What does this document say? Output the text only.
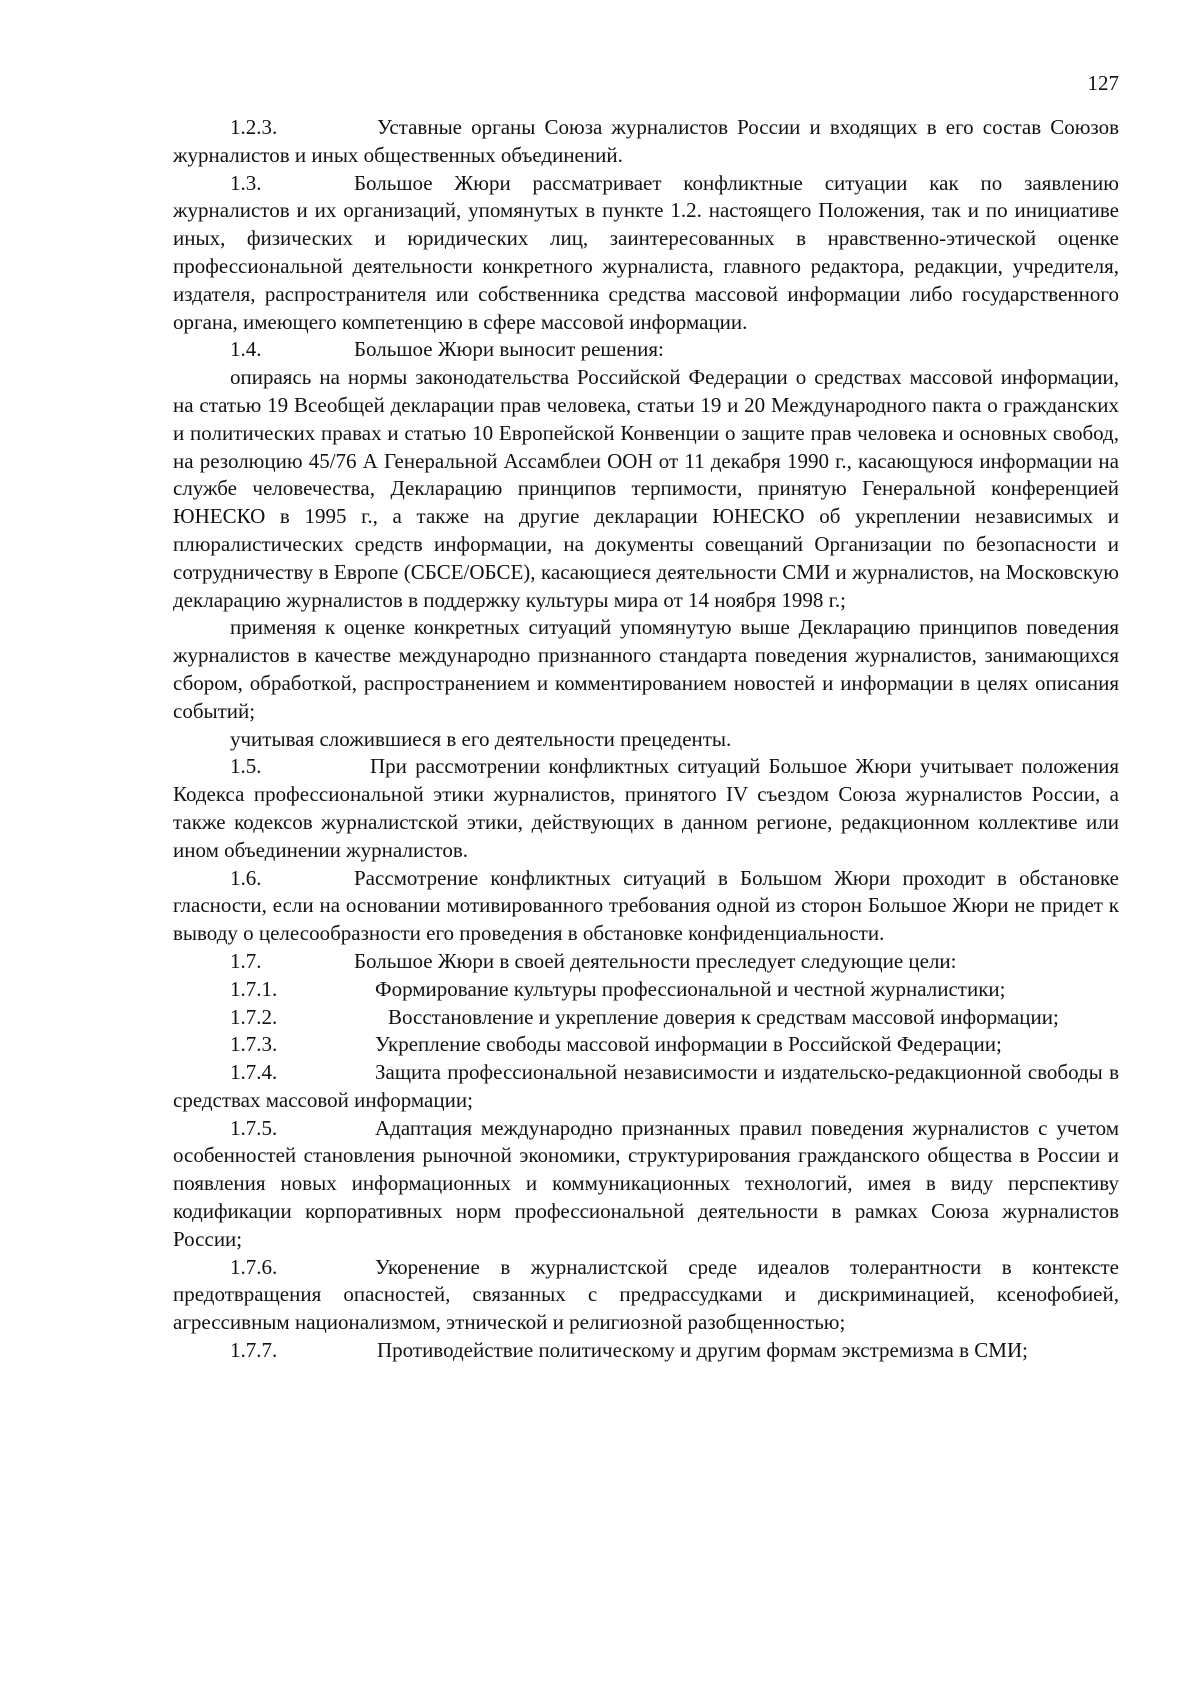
127

1.2.3.	Уставные органы Союза журналистов России и входящих в его состав Союзов журналистов и иных общественных объединений.

1.3.	Большое Жюри рассматривает конфликтные ситуации как по заявлению журналистов и их организаций, упомянутых в пункте 1.2. настоящего Положения, так и по инициативе иных, физических и юридических лиц, заинтересованных в нравственно-этической оценке профессиональной деятельности конкретного журналиста, главного редактора, редакции, учредителя, издателя, распространителя или собственника средства массовой информации либо государственного органа, имеющего компетенцию в сфере массовой информации.

1.4.	Большое Жюри выносит решения:

опираясь на нормы законодательства Российской Федерации о средствах массовой информации, на статью 19 Всеобщей декларации прав человека, статьи 19 и 20 Международного пакта о гражданских и политических правах и статью 10 Европейской Конвенции о защите прав человека и основных свобод, на резолюцию 45/76 А Генеральной Ассамблеи ООН от 11 декабря 1990 г., касающуюся информации на службе человечества, Декларацию принципов терпимости, принятую Генеральной конференцией ЮНЕСКО в 1995 г., а также на другие декларации ЮНЕСКО об укреплении независимых и плюралистических средств информации, на документы совещаний Организации по безопасности и сотрудничеству в Европе (СБСЕ/ОБСЕ), касающиеся деятельности СМИ и журналистов, на Московскую декларацию журналистов в поддержку культуры мира от 14 ноября 1998 г.;

применяя к оценке конкретных ситуаций упомянутую выше Декларацию принципов поведения журналистов в качестве международно признанного стандарта поведения журналистов, занимающихся сбором, обработкой, распространением и комментированием новостей и информации в целях описания событий;

учитывая сложившиеся в его деятельности прецеденты.

1.5.	При рассмотрении конфликтных ситуаций Большое Жюри учитывает положения Кодекса профессиональной этики журналистов, принятого IV съездом Союза журналистов России, а также кодексов журналистской этики, действующих в данном регионе, редакционном коллективе или ином объединении журналистов.

1.6.	Рассмотрение конфликтных ситуаций в Большом Жюри проходит в обстановке гласности, если на основании мотивированного требования одной из сторон Большое Жюри не придет к выводу о целесообразности его проведения в обстановке конфиденциальности.

1.7.	Большое Жюри в своей деятельности преследует следующие цели:

1.7.1.	Формирование культуры профессиональной и честной журналистики;

1.7.2.	Восстановление и укрепление доверия к средствам массовой информации;

1.7.3.	Укрепление свободы массовой информации в Российской Федерации;

1.7.4.	Защита профессиональной независимости и издательско-редакционной свободы в средствах массовой информации;

1.7.5.	Адаптация международно признанных правил поведения журналистов с учетом особенностей становления рыночной экономики, структурирования гражданского общества в России и появления новых информационных и коммуникационных технологий, имея в виду перспективу кодификации корпоративных норм профессиональной деятельности в рамках Союза журналистов России;

1.7.6.	Укоренение в журналистской среде идеалов толерантности в контексте предотвращения опасностей, связанных с предрассудками и дискриминацией, ксенофобией, агрессивным национализмом, этнической и религиозной разобщенностью;

1.7.7.	Противодействие политическому и другим формам экстремизма в СМИ;
